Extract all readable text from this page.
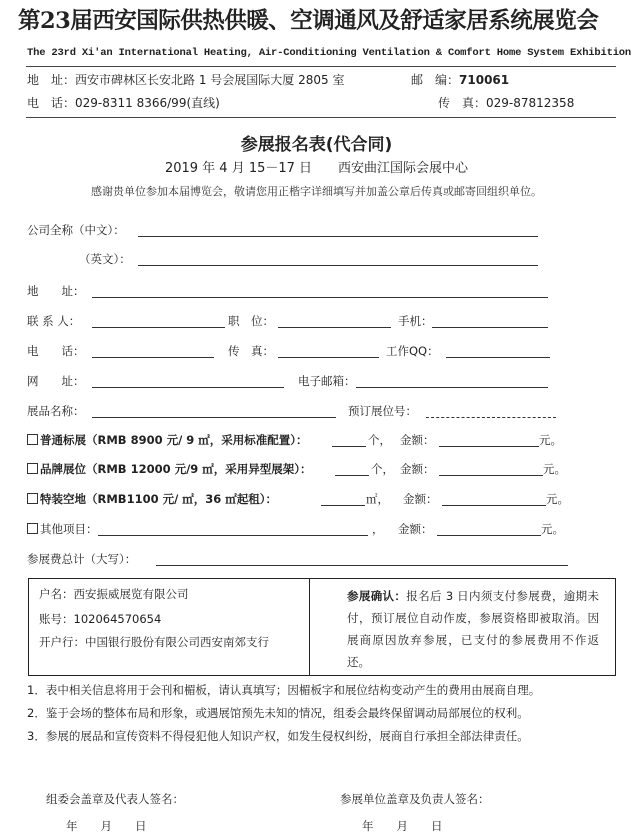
第23届西安国际供热供暖、空调通风及舒适家居系统展览会
The 23rd Xi'an International Heating, Air-Conditioning Ventilation & Comfort Home System Exhibition
地　址：西安市碑林区长安北路 1 号会展国际大厦 2805 室	邮　编：710061
电　话：029-8311 8366/99(直线)	传　真：029-87812358
参展报名表(代合同)
2019 年 4 月 15－17 日　　西安曲江国际会展中心
感谢贵单位参加本届博览会，敬请您用正楷字详细填写并加盖公章后传真或邮寄回组织单位。
公司全称（中文）：
（英文）：
地　　址：
联 系 人：	职　位：	手机：
电　　话：	传　真：	工作QQ：
网　　址：	电子邮箱：
展品名称：	预订展位号：
普通标展（RMB 8900 元/ 9 ㎡，采用标准配置）：	个， 金额：	元。
品牌展位（RMB 12000 元/9 ㎡，采用异型展架）：	个， 金额：	元。
特装空地（RMB1100 元/ ㎡，36 ㎡起租）：	㎡， 金额：	元。
其他项目：	， 金额：	元。
参展费总计（大写）：
户名：西安振威展览有限公司
账号：102064570654
开户行：中国银行股份有限公司西安南郊支行
参展确认：报名后 3 日内须支付参展费，逾期未付，预订展位自动作废，参展资格即被取消。因展商原因放弃参展，已支付的参展费用不作返还。
1．表中相关信息将用于会刊和楣板，请认真填写；因楣板字和展位结构变动产生的费用由展商自理。
2．鉴于会场的整体布局和形象，或遇展馆预先未知的情况，组委会最终保留调动局部展位的权利。
3．参展的展品和宣传资料不得侵犯他人知识产权，如发生侵权纠纷，展商自行承担全部法律责任。
组委会盖章及代表人签名：	参展单位盖章及负责人签名：
年　　月　　日	年　　月　　日
